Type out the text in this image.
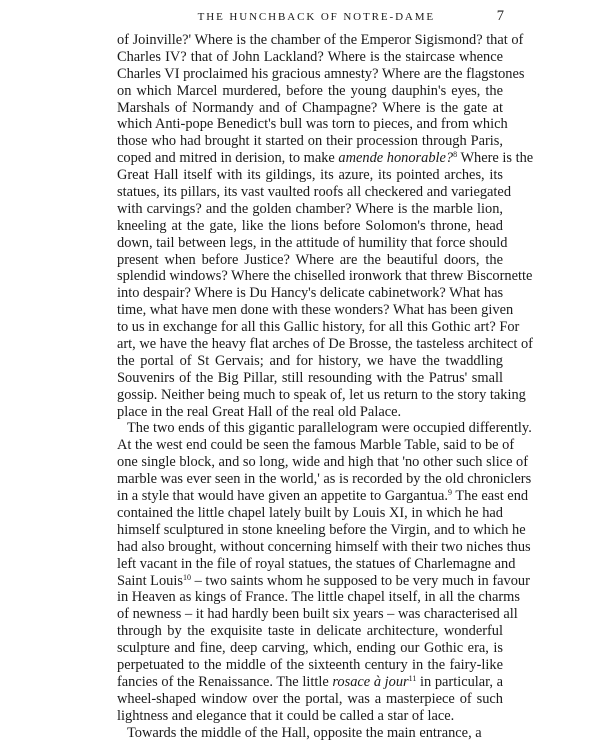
THE HUNCHBACK OF NOTRE-DAME	7
of Joinville?' Where is the chamber of the Emperor Sigismond? that of
Charles IV? that of John Lackland? Where is the staircase whence
Charles VI proclaimed his gracious amnesty? Where are the flagstones
on which Marcel murdered, before the young dauphin's eyes, the
Marshals of Normandy and of Champagne? Where is the gate at
which Anti-pope Benedict's bull was torn to pieces, and from which
those who had brought it started on their procession through Paris,
coped and mitred in derision, to make amende honorable?$^8$ Where is the
Great Hall itself with its gildings, its azure, its pointed arches, its
statues, its pillars, its vast vaulted roofs all checkered and variegated
with carvings? and the golden chamber? Where is the marble lion,
kneeling at the gate, like the lions before Solomon's throne, head
down, tail between legs, in the attitude of humility that force should
present when before Justice? Where are the beautiful doors, the
splendid windows? Where the chiselled ironwork that threw Biscornette
into despair? Where is Du Hancy's delicate cabinetwork? What has
time, what have men done with these wonders? What has been given
to us in exchange for all this Gallic history, for all this Gothic art? For
art, we have the heavy flat arches of De Brosse, the tasteless architect of
the portal of St Gervais; and for history, we have the twaddling
Souvenirs of the Big Pillar, still resounding with the Patrus' small
gossip. Neither being much to speak of, let us return to the story taking
place in the real Great Hall of the real old Palace.
The two ends of this gigantic parallelogram were occupied differently.
At the west end could be seen the famous Marble Table, said to be of
one single block, and so long, wide and high that 'no other such slice of
marble was ever seen in the world,' as is recorded by the old chroniclers
in a style that would have given an appetite to Gargantua.$^9$ The east end
contained the little chapel lately built by Louis XI, in which he had
himself sculptured in stone kneeling before the Virgin, and to which he
had also brought, without concerning himself with their two niches thus
left vacant in the file of royal statues, the statues of Charlemagne and
Saint Louis$^{10}$ – two saints whom he supposed to be very much in favour
in Heaven as kings of France. The little chapel itself, in all the charms
of newness – it had hardly been built six years – was characterised all
through by the exquisite taste in delicate architecture, wonderful
sculpture and fine, deep carving, which, ending our Gothic era, is
perpetuated to the middle of the sixteenth century in the fairy-like
fancies of the Renaissance. The little rosace à jour$^{11}$ in particular, a
wheel-shaped window over the portal, was a masterpiece of such
lightness and elegance that it could be called a star of lace.
Towards the middle of the Hall, opposite the main entrance, a
